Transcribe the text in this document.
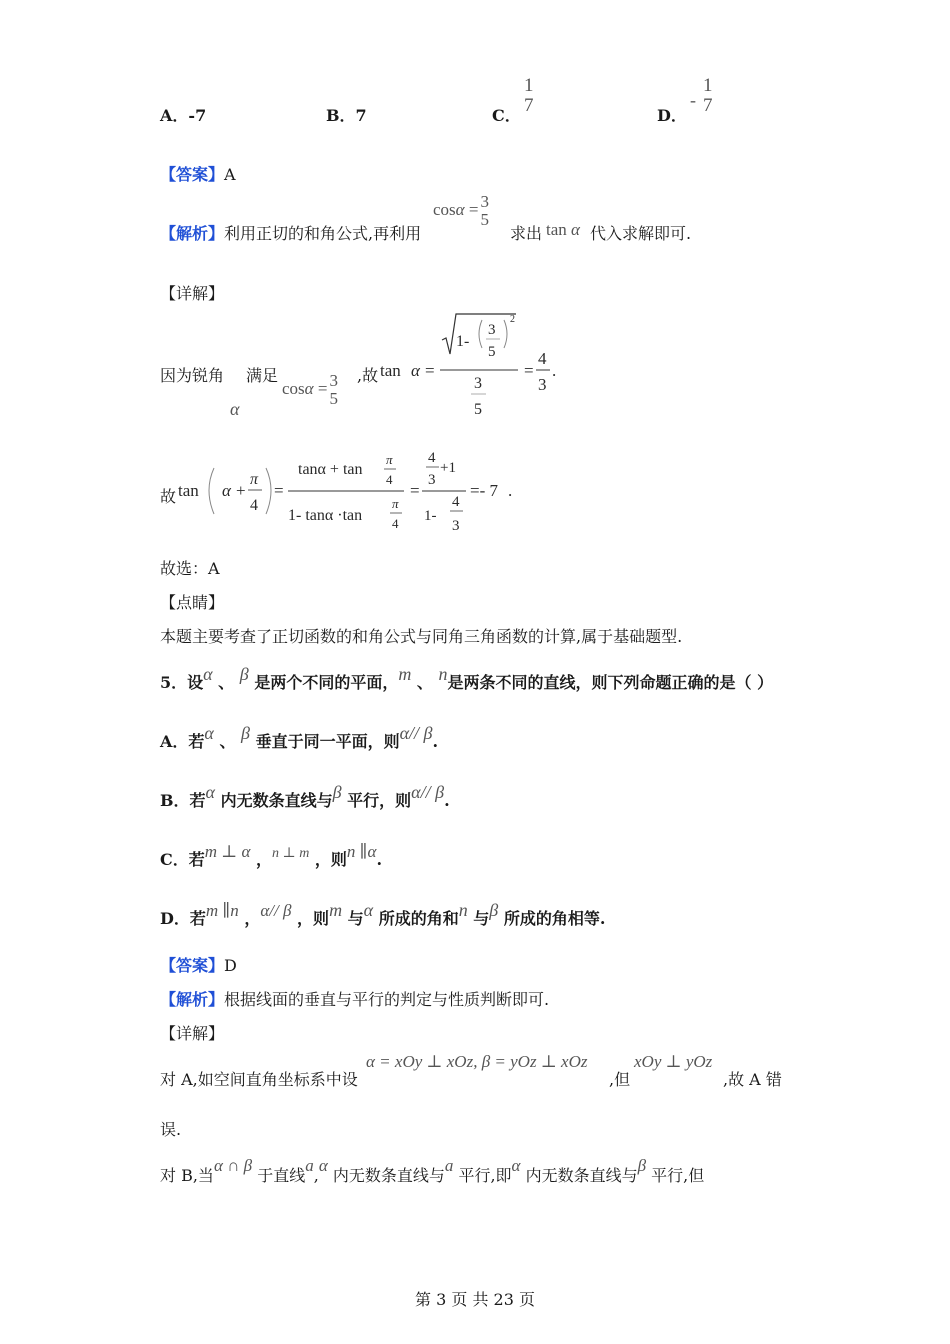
A．-7	B．7	C．
1
7	D．
-
1
7
【答案】A
【解析】利用正切的和角公式,再利用
cosα = 3
5
求出 tan α 代入求解即可.
【详解】
因为锐角
α
满足
cosα = 3
5
,故 tan α =
1-
3
5
2
3
5
=
4
3
.
故 tan α +
π
4
=
tanα + tan
π
4
1- tanα ·tan
π
4
=
4
3
+1
1-
4
3
=- 7 .
故选：A
【点睛】
本题主要考查了正切函数的和角公式与同角三角函数的计算,属于基础题型.
5．设α 、 β 是两个不同的平面，m 、 n是两条不同的直线，则下列命题正确的是（ ）
A．若α 、 β 垂直于同一平面，则α// β.
B．若α 内无数条直线与β 平行，则α// β.
C．若m ⊥ α ，n ⊥ m ，则n ∥α.
D．若m ∥n ，α// β ，则m 与α 所成的角和n 与β 所成的角相等.
【答案】D
【解析】根据线面的垂直与平行的判定与性质判断即可.
【详解】
对 A,如空间直角坐标系中设
α = xOy ⊥ xOz, β = yOz ⊥ xOz
,但
xOy ⊥ yOz
,故 A 错
误.
对 B,当α ∩ β 于直线a,α 内无数条直线与a 平行,即α 内无数条直线与β 平行,但
第 3 页 共 23 页
